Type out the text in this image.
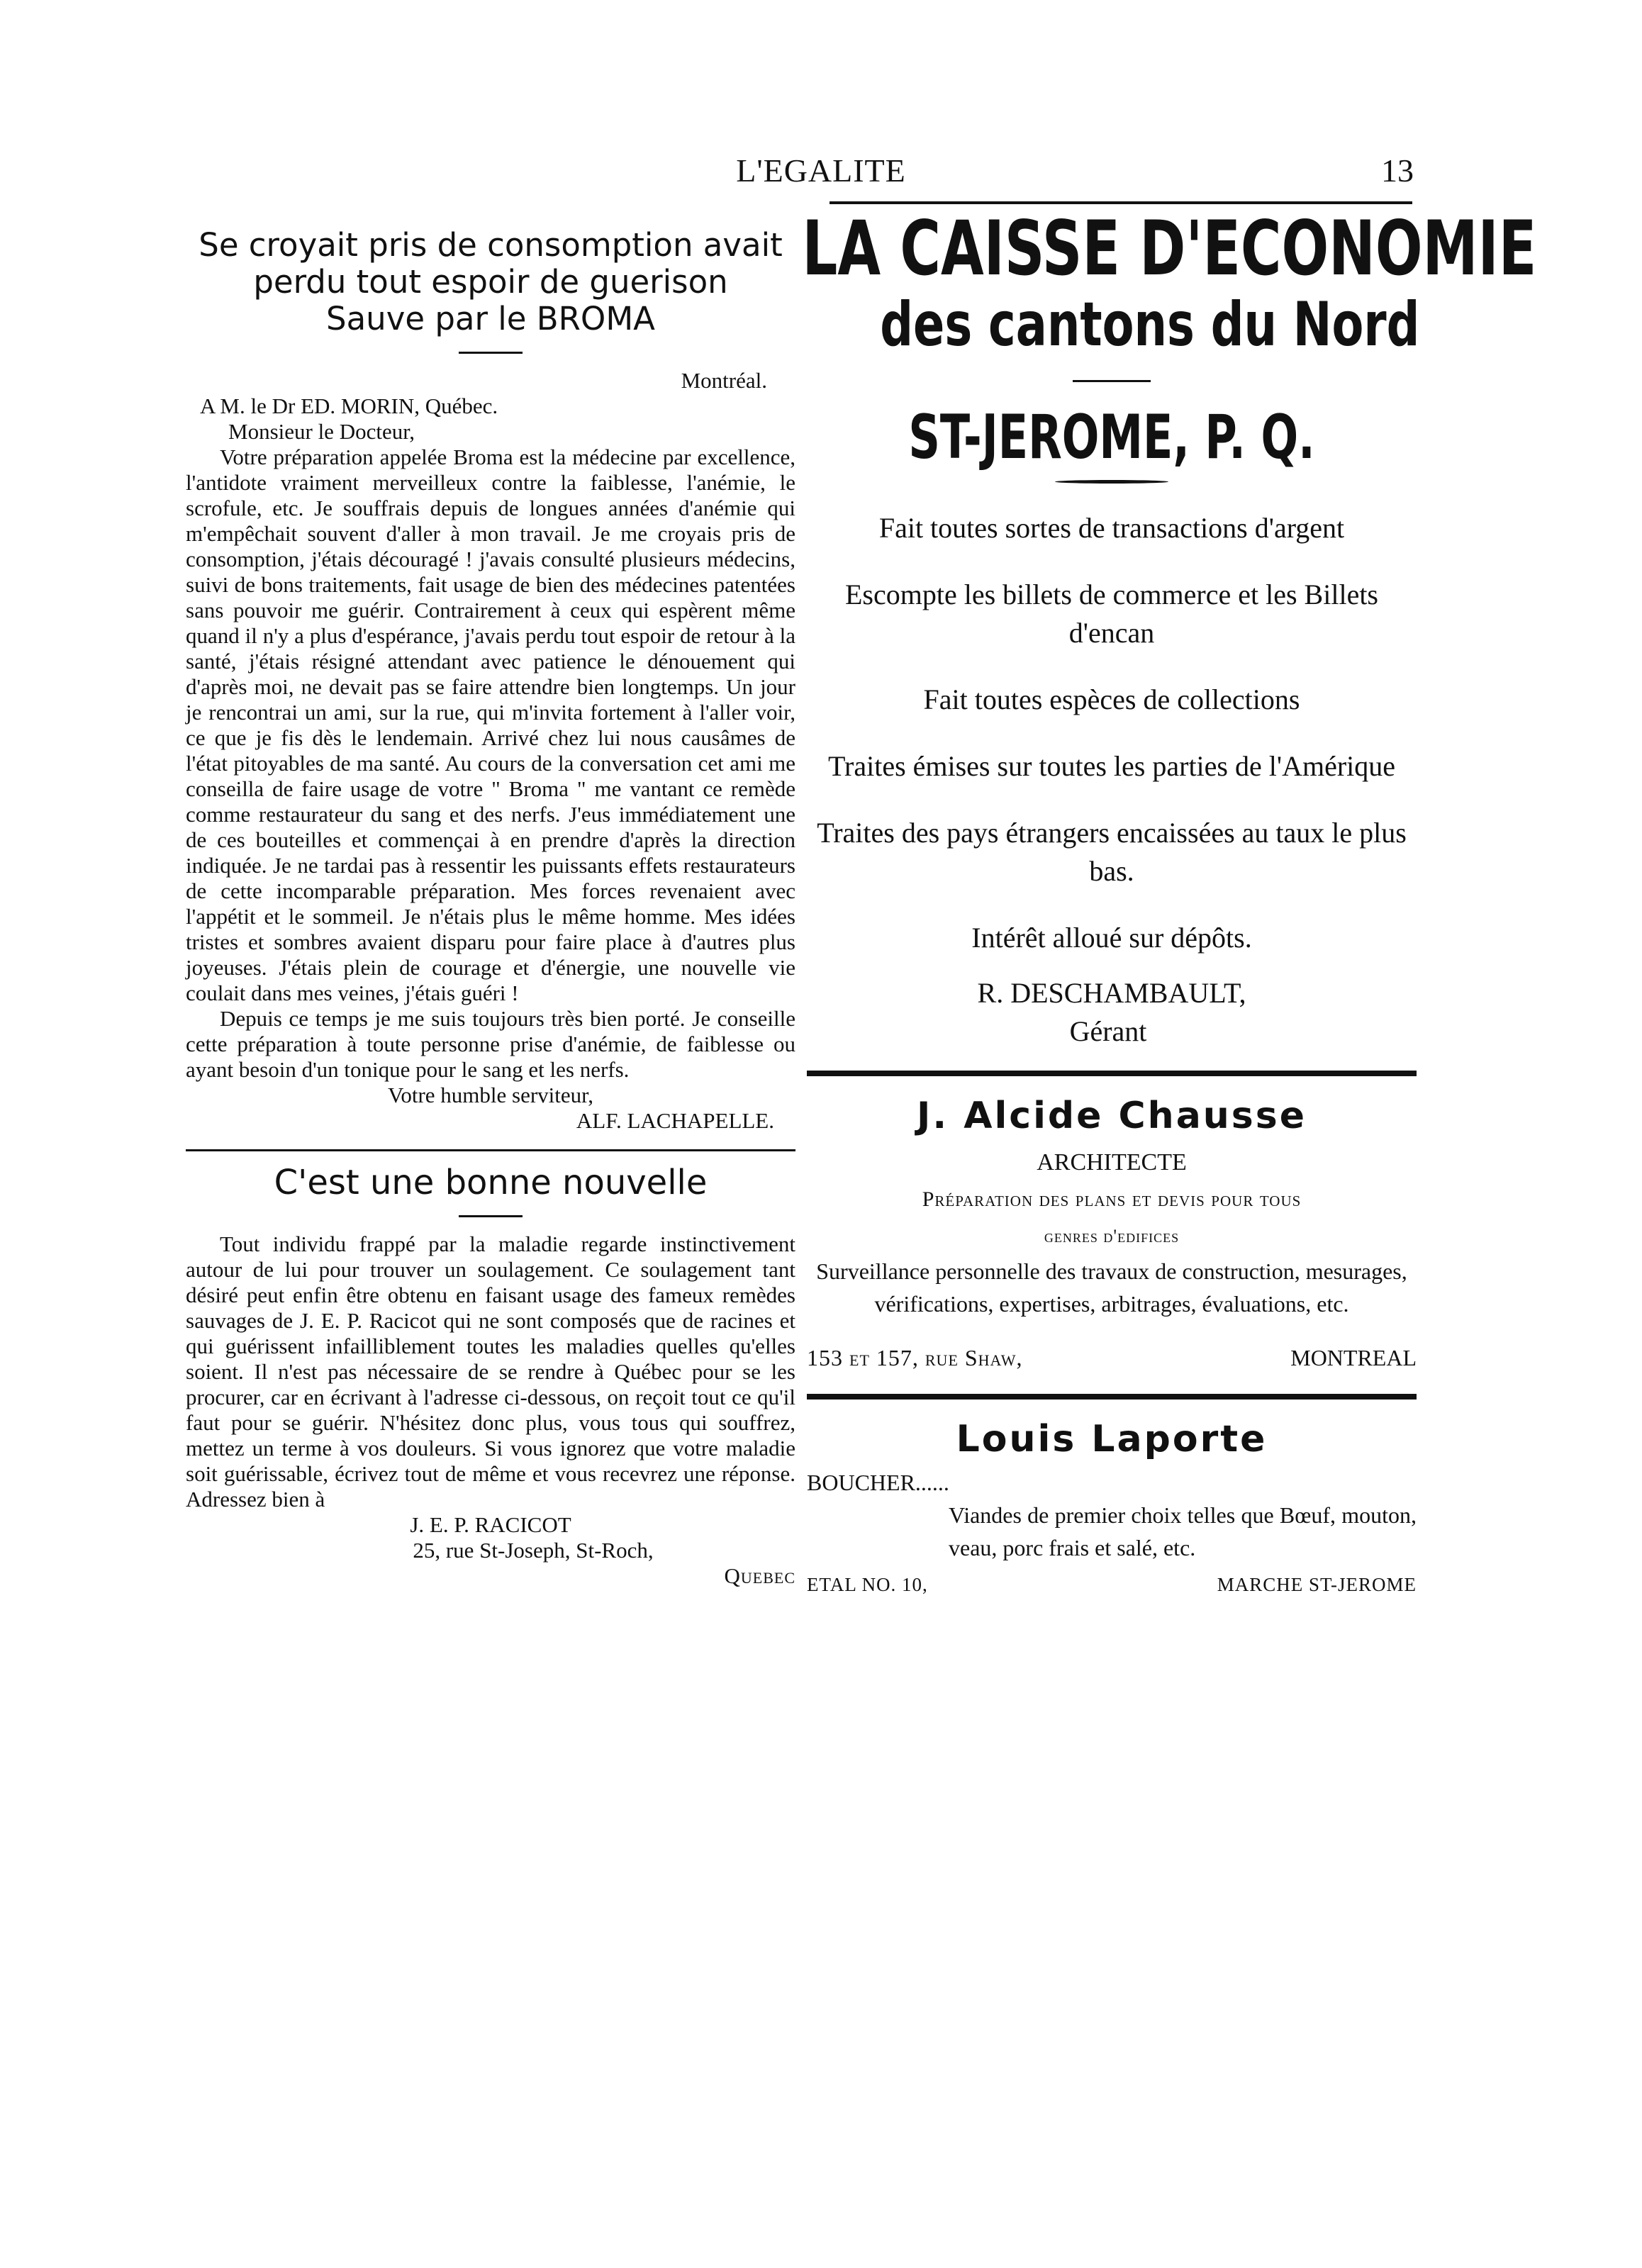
L'EGALITE	13
Se croyait pris de consomption avait
perdu tout espoir de guerison
Sauve par le BROMA
Montréal.
A M. le Dr ED. MORIN, Québec.
Monsieur le Docteur,

Votre préparation appelée Broma est la médecine par excellence, l'antidote vraiment merveilleux contre la faiblesse, l'anémie, le scrofule, etc. Je souffrais depuis de longues années d'anémie qui m'empêchait souvent d'aller à mon travail. Je me croyais pris de consomption, j'étais découragé ! j'avais consulté plusieurs médecins, suivi de bons traitements, fait usage de bien des médecines patentées sans pouvoir me guérir. Contrairement à ceux qui espèrent même quand il n'y a plus d'espérance, j'avais perdu tout espoir de retour à la santé, j'étais résigné attendant avec patience le dénouement qui d'après moi, ne devait pas se faire attendre bien longtemps. Un jour je rencontrai un ami, sur la rue, qui m'invita fortement à l'aller voir, ce que je fis dès le lendemain. Arrivé chez lui nous causâmes de l'état pitoyables de ma santé. Au cours de la conversation cet ami me conseilla de faire usage de votre " Broma " me vantant ce remède comme restaurateur du sang et des nerfs. J'eus immédiatement une de ces bouteilles et commençai à en prendre d'après la direction indiquée. Je ne tardai pas à ressentir les puissants effets restaurateurs de cette incomparable préparation. Mes forces revenaient avec l'appétit et le sommeil. Je n'étais plus le même homme. Mes idées tristes et sombres avaient disparu pour faire place à d'autres plus joyeuses. J'étais plein de courage et d'énergie, une nouvelle vie coulait dans mes veines, j'étais guéri !

Depuis ce temps je me suis toujours très bien porté. Je conseille cette préparation à toute personne prise d'anémie, de faiblesse ou ayant besoin d'un tonique pour le sang et les nerfs.

Votre humble serviteur,
ALF. LACHAPELLE.
C'est une bonne nouvelle

Tout individu frappé par la maladie regarde instinctivement autour de lui pour trouver un soulagement. Ce soulagement tant désiré peut enfin être obtenu en faisant usage des fameux remèdes sauvages de J. E. P. Racicot qui ne sont composés que de racines et qui guérissent infailliblement toutes les maladies quelles qu'elles soient. Il n'est pas nécessaire de se rendre à Québec pour se les procurer, car en écrivant à l'adresse ci-dessous, on reçoit tout ce qu'il faut pour se guérir. N'hésitez donc plus, vous tous qui souffrez, mettez un terme à vos douleurs. Si vous ignorez que votre maladie soit guérissable, écrivez tout de même et vous recevrez une réponse. Adressez bien à

J. E. P. RACICOT
25, rue St-Joseph, St-Roch,
Quebec
LA CAISSE D'ECONOMIE
des cantons du Nord
ST-JEROME, P. Q.
Fait toutes sortes de transactions d'argent
Escompte les billets de commerce et les Billets d'encan
Fait toutes espèces de collections
Traites émises sur toutes les parties de l'Amérique
Traites des pays étrangers encaissées au taux le plus bas.
Intérêt alloué sur dépôts.
R. DESCHAMBAULT,
Gérant
J. Alcide Chausse
ARCHITECTE
Préparation des plans et devis pour tous
genres d'edifices
Surveillance personnelle des travaux de construction, mesurages, vérifications, expertises, arbitrages, évaluations, etc.
153 et 157, rue Shaw,	MONTREAL
Louis Laporte
BOUCHER......
Viandes de premier choix telles que Bœuf, mouton, veau, porc frais et salé, etc.
ETAL NO. 10,	MARCHE ST-JEROME
